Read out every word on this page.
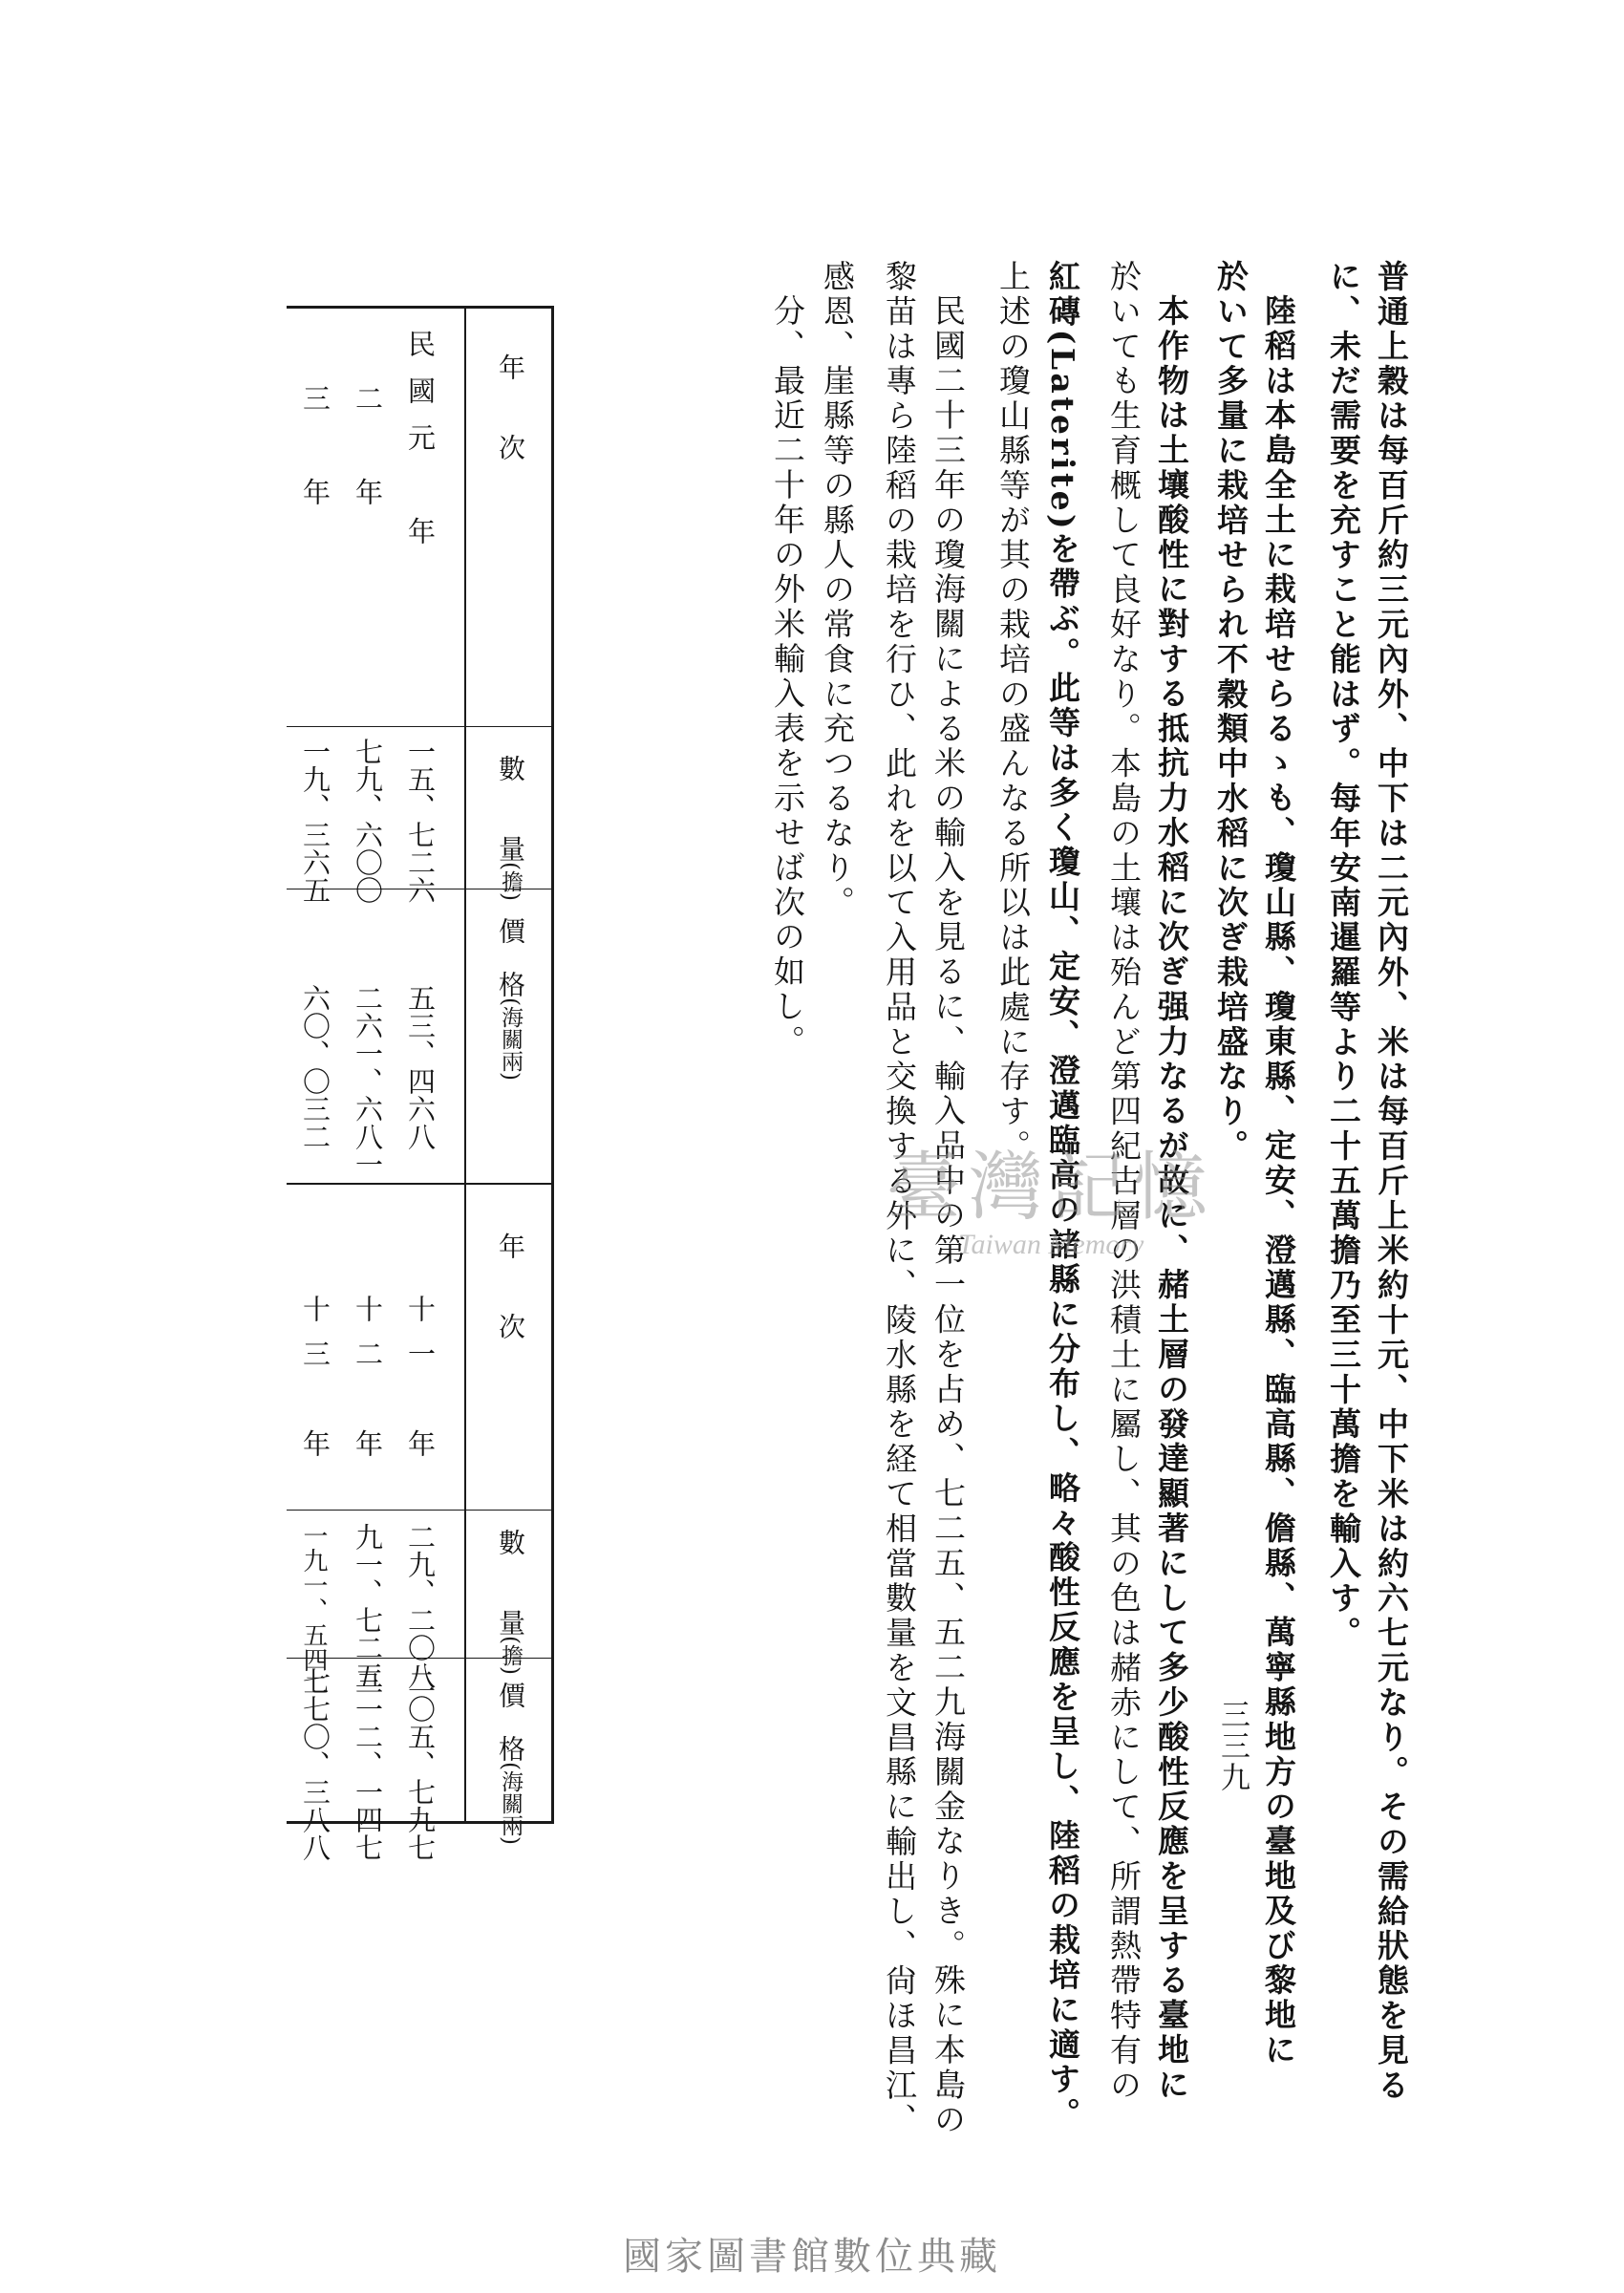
普通上穀は每百斤約三元內外、中下は二元內外、米は每百斤上米約十元、中下米は約六七元なり。その需給狀態を見る
に、未だ需要を充すこと能はず。每年安南暹羅等より二十五萬擔乃至三十萬擔を輸入す。
陸稻は本島全土に栽培せらるゝも、瓊山縣、瓊東縣、定安、澄邁縣、臨高縣、儋縣、萬寧縣地方の臺地及び黎地に
於いて多量に栽培せられ不穀類中水稻に次ぎ栽培盛なり。
本作物は土壤酸性に對する抵抗力水稻に次ぎ强力なるが故に、赭土層の發達顯著にして多少酸性反應を呈する臺地に
於いても生育概して良好なり。本島の土壤は殆んど第四紀古層の洪積土に屬し、其の色は赭赤にして、所謂熱帶特有の
紅磚(Laterite)を帶ぶ。此等は多く瓊山、定安、澄邁臨高の諸縣に分布し、略々酸性反應を呈し、陸稻の栽培に適す。
上述の瓊山縣等が其の栽培の盛んなる所以は此處に存す。
民國二十三年の瓊海關による米の輸入を見るに、輸入品中の第一位を占め、七二五、五二九海關金なりき。殊に本島の
黎苗は專ら陸稻の栽培を行ひ、此れを以て入用品と交換する外に、陵水縣を経て相當數量を文昌縣に輸出し、尙ほ昌江、
感恩、崖縣等の縣人の常食に充つるなり。
分、最近二十年の外米輸入表を示せば次の如し。
臺灣記憶
Taiwan Memory
年　　次
數　　量(擔)
價　格(海關兩)
年　　次
數　　量(擔)
價　格(海關兩)
民國元　年
一五、七二六
五三、四六八
二　年
七九、六〇〇
二六一、六八一
三　年
一九、三六五
六〇、〇三二
十一　年
二九、二〇八
二〇五、七九七
十二　年
九一、七二五
三一二、一四七
十三　年
一九一、五四二
七七〇、三八八	三三九
國家圖書館數位典藏
